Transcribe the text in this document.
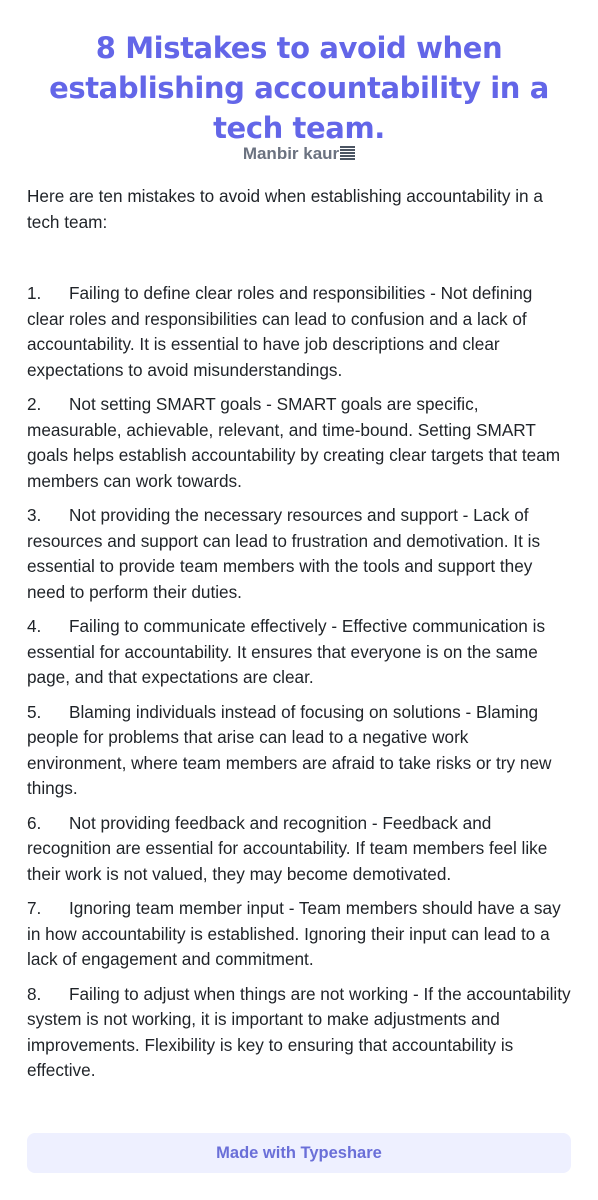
8 Mistakes to avoid when establishing accountability in a tech team.
Manbir kaur

Here are ten mistakes to avoid when establishing accountability in a tech team:

1. Failing to define clear roles and responsibilities - Not defining clear roles and responsibilities can lead to confusion and a lack of accountability. It is essential to have job descriptions and clear expectations to avoid misunderstandings.
2. Not setting SMART goals - SMART goals are specific, measurable, achievable, relevant, and time-bound. Setting SMART goals helps establish accountability by creating clear targets that team members can work towards.
3. Not providing the necessary resources and support - Lack of resources and support can lead to frustration and demotivation. It is essential to provide team members with the tools and support they need to perform their duties.
4. Failing to communicate effectively - Effective communication is essential for accountability. It ensures that everyone is on the same page, and that expectations are clear.
5. Blaming individuals instead of focusing on solutions - Blaming people for problems that arise can lead to a negative work environment, where team members are afraid to take risks or try new things.
6. Not providing feedback and recognition - Feedback and recognition are essential for accountability. If team members feel like their work is not valued, they may become demotivated.
7. Ignoring team member input - Team members should have a say in how accountability is established. Ignoring their input can lead to a lack of engagement and commitment.
8. Failing to adjust when things are not working - If the accountability system is not working, it is important to make adjustments and improvements. Flexibility is key to ensuring that accountability is effective.
Made with Typeshare
